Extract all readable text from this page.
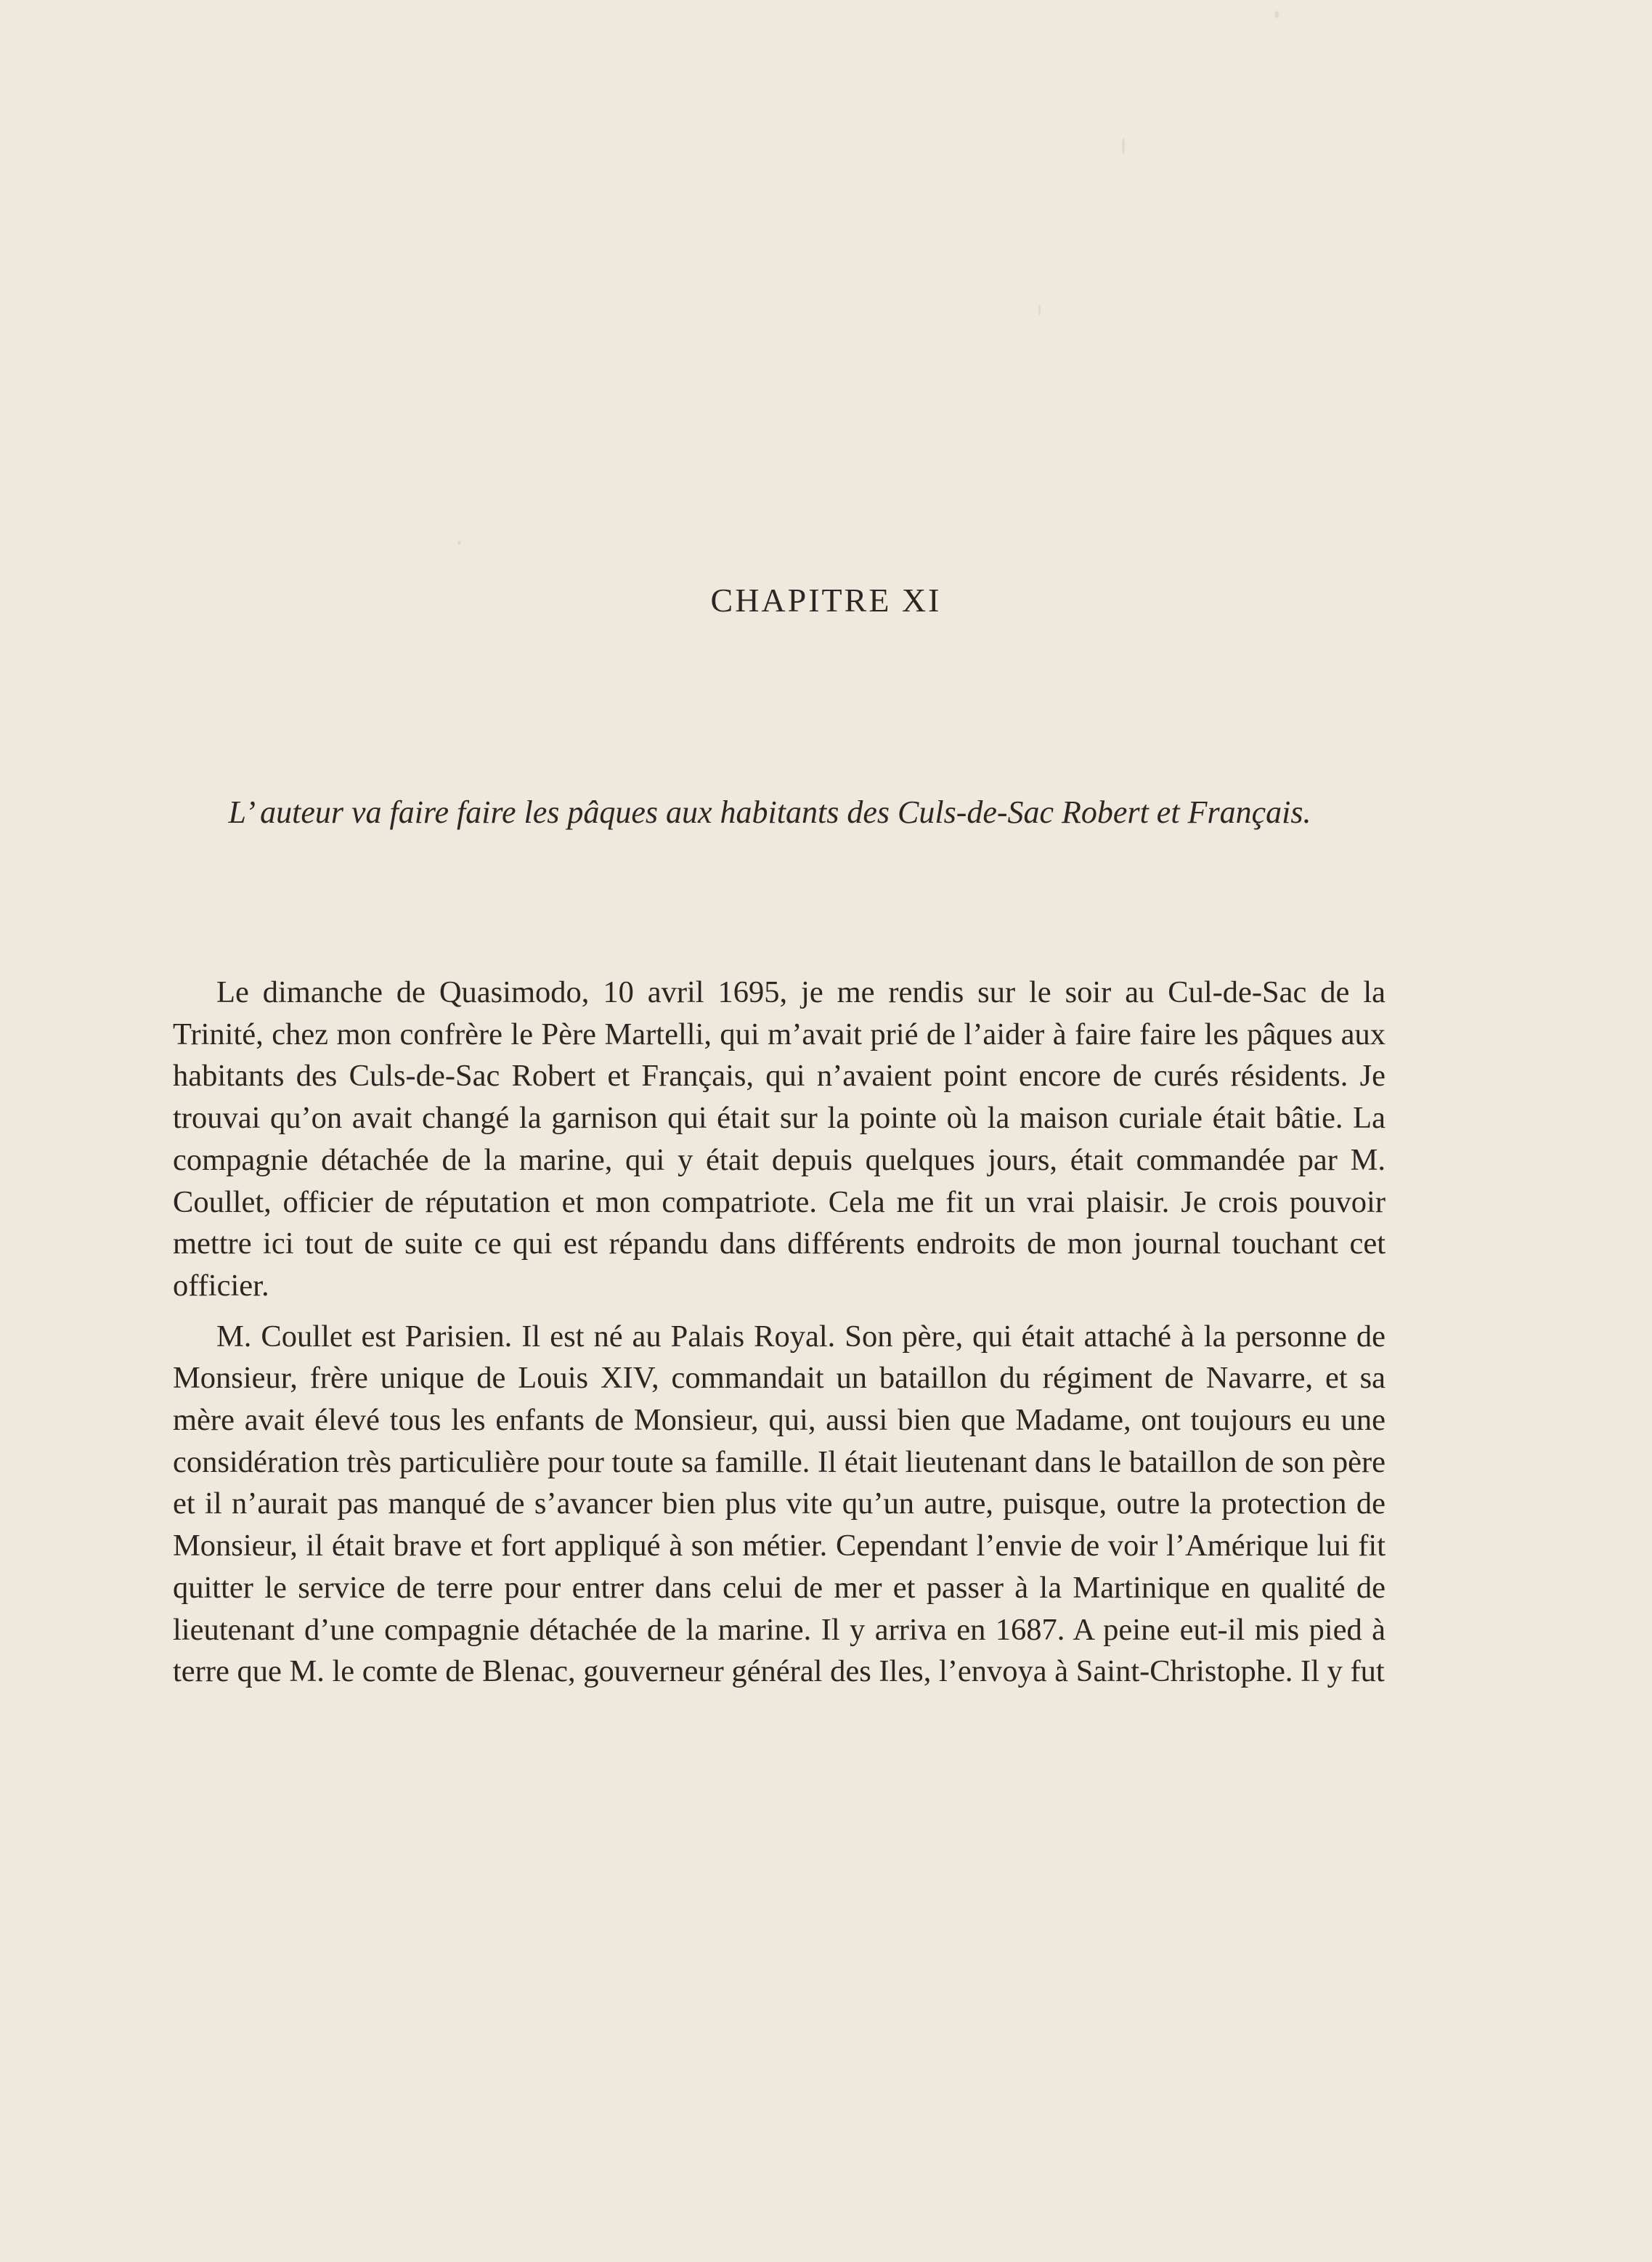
CHAPITRE XI

L’ auteur va faire faire les pâques aux habitants des Culs-de-Sac Robert et Français.

Le dimanche de Quasimodo, 10 avril 1695, je me rendis sur le soir au Cul-de-Sac de la Trinité, chez mon confrère le Père Martelli, qui m’avait prié de l’aider à faire faire les pâques aux habitants des Culs-de-Sac Robert et Français, qui n’avaient point encore de curés résidents. Je trouvai qu’on avait changé la garnison qui était sur la pointe où la maison curiale était bâtie. La compagnie détachée de la marine, qui y était depuis quelques jours, était commandée par M. Coullet, officier de réputation et mon compatriote. Cela me fit un vrai plaisir. Je crois pouvoir mettre ici tout de suite ce qui est répandu dans différents endroits de mon journal touchant cet officier.

M. Coullet est Parisien. Il est né au Palais Royal. Son père, qui était attaché à la personne de Monsieur, frère unique de Louis XIV, commandait un bataillon du régiment de Navarre, et sa mère avait élevé tous les enfants de Monsieur, qui, aussi bien que Madame, ont toujours eu une considération très particulière pour toute sa famille. Il était lieutenant dans le bataillon de son père et il n’aurait pas manqué de s’avancer bien plus vite qu’un autre, puisque, outre la protection de Monsieur, il était brave et fort appliqué à son métier. Cependant l’envie de voir l’Amérique lui fit quitter le service de terre pour entrer dans celui de mer et passer à la Martinique en qualité de lieutenant d’une compagnie détachée de la marine. Il y arriva en 1687. A peine eut-il mis pied à terre que M. le comte de Blenac, gouverneur général des Iles, l’envoya à Saint-Christophe. Il y fut
